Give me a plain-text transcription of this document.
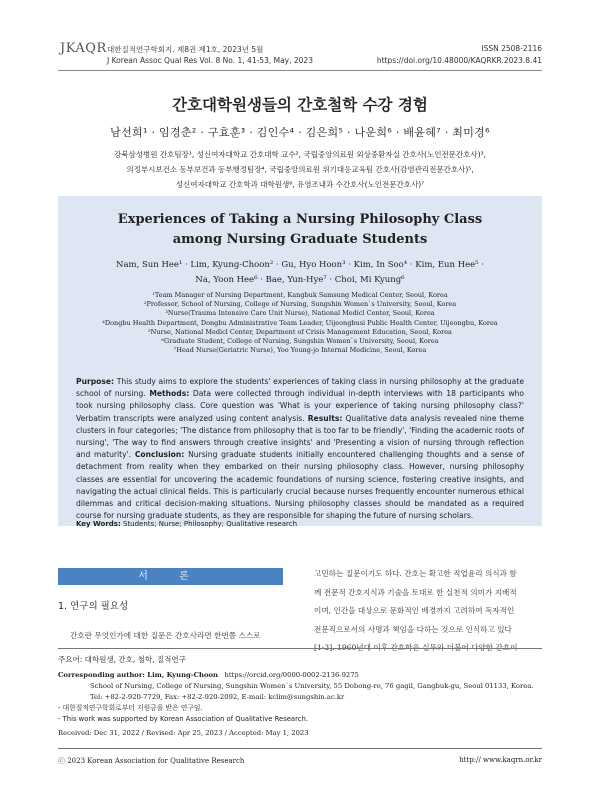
JKAQR 대한질적연구학회지. 제8권 제1호, 2023년 5월
J Korean Assoc Qual Res Vol. 8 No. 1, 41-53, May, 2023
ISSN 2508-2116
https://doi.org/10.48000/KAQRKR.2023.8.41
간호대학원생들의 간호철학 수강 경험
남선희¹ · 임경춘² · 구효훈³ · 김인수⁴ · 김은희⁵ · 나운희⁶ · 배윤혜⁷ · 최미경⁶
강북삼성병원 간호팀장¹, 성신여자대학교 간호대학 교수², 국립중앙의료원 외상중환자실 간호사(노인전문간호사)³,
의정부시보건소 동부보건과 동부행정팀장⁴, 국립중앙의료원 위기대응교육팀 간호사(감염관리전문간호사)⁵,
성신여자대학교 간호학과 대학원생⁶, 유영조내과 수간호사(노인전문간호사)⁷
Experiences of Taking a Nursing Philosophy Class
among Nursing Graduate Students
Nam, Sun Hee¹ · Lim, Kyung-Choon² · Gu, Hyo Hoon³ · Kim, In Soo⁴ · Kim, Eun Hee⁵ ·
Na, Yoon Hee⁶ · Bae, Yun-Hye⁷ · Choi, Mi Kyung⁶
¹Team Manager of Nursing Department, Kangbuk Samsung Medical Center, Seoul, Korea
²Professor, School of Nursing, College of Nursing, Sungshin Women`s University, Seoul, Korea
³Nurse(Trauma Intensive Care Unit Nurse), National Medicl Center, Seoul, Korea
⁴Dongbu Health Department, Dongbu Administrative Team Leader, Uijeongbusi Public Health Center, Uijeongbu, Korea
⁵Nurse, National Medicl Center, Department of Crisis Management Education, Seoul, Korea
⁶Graduate Student, College of Nursing, Sungshin Women`s University, Seoul, Korea
⁷Head Nurse(Geriatric Nurse), Yoo Young-jo Internal Medicine, Seoul, Korea
Purpose: This study aims to explore the students' experiences of taking class in nursing philosophy at the graduate school of nursing. Methods: Data were collected through individual in-depth interviews with 18 participants who took nursing philosophy class. Core question was 'What is your experience of taking nursing philosophy class?' Verbatim transcripts were analyzed using content analysis. Results: Qualitative data analysis revealed nine theme clusters in four categories; 'The distance from philosophy that is too far to be friendly', 'Finding the academic roots of nursing', 'The way to find answers through creative insights' and 'Presenting a vision of nursing through reflection and maturity'. Conclusion: Nursing graduate students initially encountered challenging thoughts and a sense of detachment from reality when they embarked on their nursing philosophy class. However, nursing philosophy classes are essential for uncovering the academic foundations of nursing science, fostering creative insights, and navigating the actual clinical fields. This is particularly crucial because nurses frequently encounter numerous ethical dilemmas and critical decision-making situations. Nursing philosophy classes should be mandated as a required course for nursing graduate students, as they are responsible for shaping the future of nursing scholars.
Key Words: Students; Nurse; Philosophy; Qualitative research
서 론
1. 연구의 필요성
간호란 무엇인가에 대한 질문은 간호사라면 한번쯤 스스로
고민하는 질문이기도 하다. 간호는 확고한 직업윤리 의식과 함
께 전문적 간호지식과 기술을 토대로 한 실천적 의미가 지배적
이며, 인간을 대상으로 문화적인 배경까지 고려하여 독자적인
전문직으로서의 사명과 책임을 다하는 것으로 인식하고 있다
주요어: 대학원생, 간호, 철학, 질적연구
Corresponding author: Lim, Kyung-Choon https://orcid.org/0000-0002-2136-9275
School of Nursing, College of Nursing, Sungshin Women`s University, 55 Dobong-ro, 76 gagil, Gangbuk-gu, Seoul 01133, Korea.
Tel: +82-2-920-7729, Fax: +82-2-920-2092, E-mail: kclim@sungshin.ac.kr
- 대한질적연구학회로부터 지원금을 받은 연구임.
- This work was supported by Korean Association of Qualitative Research.
Received: Dec 31, 2022 / Revised: Apr 25, 2023 / Accepted: May 1, 2023
ⓒ 2023 Korean Association for Qualitative Research	http:// www.kaqrn.or.kr
